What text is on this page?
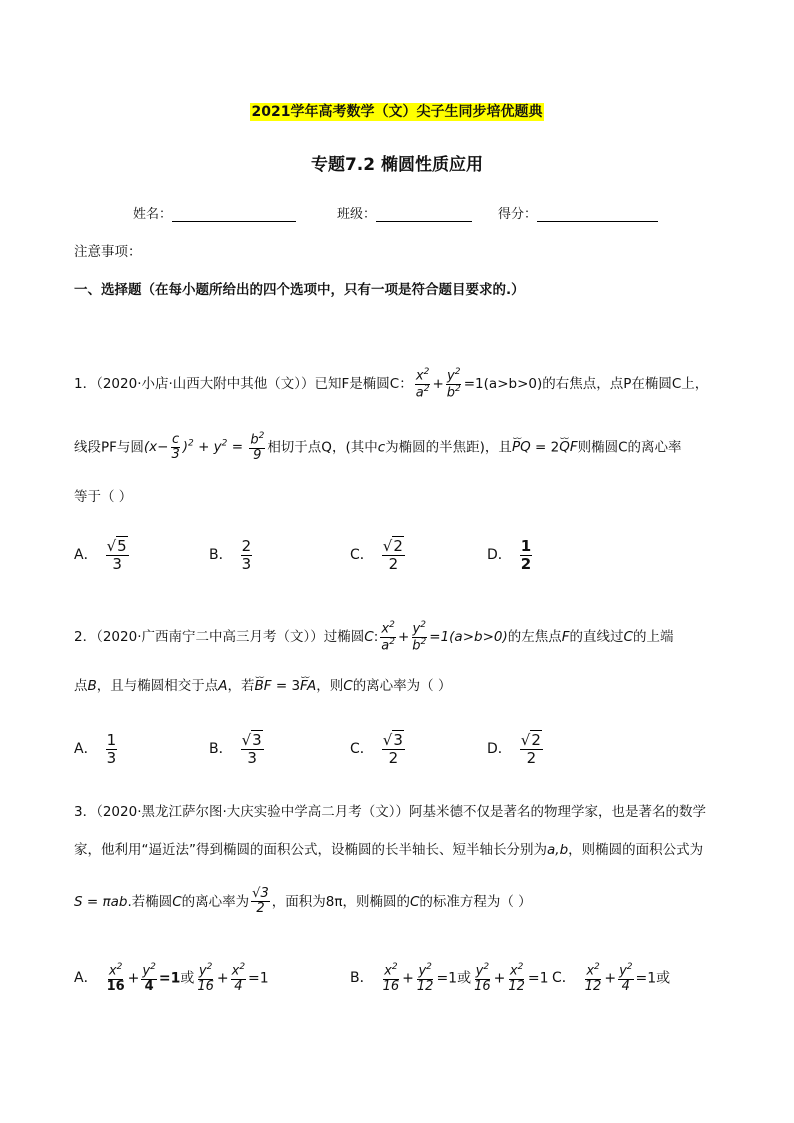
2021学年高考数学（文）尖子生同步培优题典
专题7.2 椭圆性质应用
姓名：	班级：	得分：
注意事项：
一、选择题（在每小题所给出的四个选项中，只有一项是符合题目要求的.）
1．（2020·小店·山西大附中其他（文））已知F是椭圆C： $\frac{x^2}{a^2} + \frac{y^2}{b^2} =1(a>b>0)$的右焦点，点P在椭圆C上，
线段PF与圆$(x- \frac{c}{3} )^2 + y^2 = \frac{b^2}{9}$ 相切于点Q，(其中c为椭圆的半焦距)，且⌣⌣ PQ = 2⌣⌣ QF则椭圆C的离心率
等于（ ）
A． $\frac{√5}{3}$	B． $\frac{2}{3}$	C． $\frac{√2}{2}$	D． $\frac{1}{2}$
2．（2020·广西南宁二中高三月考（文））过椭圆C: $\frac{x^2}{a^2} + \frac{y^2}{b^2} =1(a>b>0)$的左焦点F的直线过C的上端
点B，且与椭圆相交于点A，若⌣⌣ BF = 3⌣⌣ FA，则C的离心率为（ ）
A． $\frac{1}{3}$	B． $\frac{√3}{3}$	C． $\frac{√3}{2}$	D． $\frac{√2}{2}$
3．（2020·黑龙江萨尔图·大庆实验中学高二月考（文））阿基米德不仅是著名的物理学家，也是著名的数学
家，他利用“逼近法”得到椭圆的面积公式，设椭圆的长半轴长、短半轴长分别为a,b，则椭圆的面积公式为
S = πab.若椭圆C的离心率为 $\frac{√3}{2}$ ，面积为8π，则椭圆的C的标准方程为（ ）
A． $\frac{x^2}{16} + \frac{y^2}{4} =1$或 $\frac{y^2}{16} + \frac{x^2}{4} =1$	B． $\frac{x^2}{16} + \frac{y^2}{12} =1$或 $\frac{y^2}{16} + \frac{x^2}{12} =1$ C． $\frac{x^2}{12} + \frac{y^2}{4} =1$或
